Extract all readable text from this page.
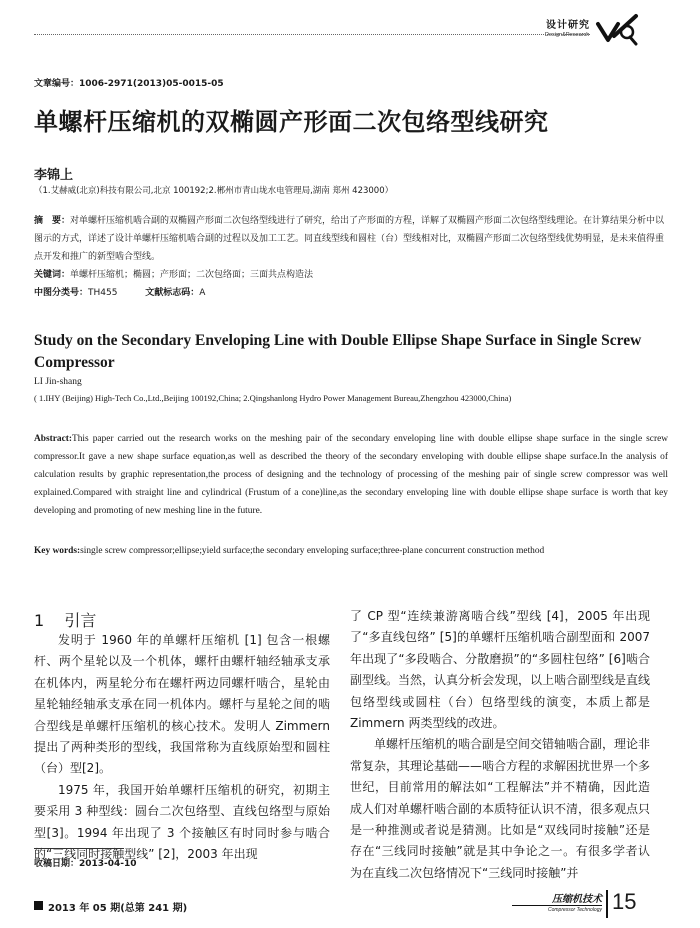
设计研究
Design&Research
文章编号：1006-2971(2013)05-0015-05
单螺杆压缩机的双椭圆产形面二次包络型线研究
李锦上
（1.艾赫威(北京)科技有限公司,北京 100192;2.郴州市青山垅水电管理局,湖南 郑州 423000）
摘　要：对单螺杆压缩机啮合副的双椭圆产形面二次包络型线进行了研究，给出了产形面的方程，详解了双椭圆产形面二次包络型线理论。在计算结果分析中以图示的方式，详述了设计单螺杆压缩机啮合副的过程以及加工工艺。同直线型线和圆柱（台）型线相对比，双椭圆产形面二次包络型线优势明显，是未来值得重点开发和推广的新型啮合型线。
关键词：单螺杆压缩机；椭圆；产形面；二次包络面；三面共点构造法
中图分类号：TH455	文献标志码：A
Study on the Secondary Enveloping Line with Double Ellipse Shape Surface in Single Screw Compressor
LI Jin-shang
( 1.IHY (Beijing) High-Tech Co.,Ltd.,Beijing 100192,China; 2.Qingshanlong Hydro Power Management Bureau,Zhengzhou 423000,China)
Abstract:This paper carried out the research works on the meshing pair of the secondary enveloping line with double ellipse shape surface in the single screw compressor.It gave a new shape surface equation,as well as described the theory of the secondary enveloping with double ellipse shape surface.In the analysis of calculation results by graphic representation,the process of designing and the technology of processing of the meshing pair of single screw compressor was well explained.Compared with straight line and cylindrical (Frustum of a cone)line,as the secondary enveloping line with double ellipse shape surface is worth that key developing and promoting of new meshing line in the future.
Key words:single screw compressor;ellipse;yield surface;the secondary enveloping surface;three-plane concurrent construction method
1 引言

发明于 1960 年的单螺杆压缩机 [1] 包含一根螺杆、两个星轮以及一个机体，螺杆由螺杆轴经轴承支承在机体内，两星轮分布在螺杆两边同螺杆啮合，星轮由星轮轴经轴承支承在同一机体内。螺杆与星轮之间的啮合型线是单螺杆压缩机的核心技术。发明人 Zimmern 提出了两种类形的型线，我国常称为直线原始型和圆柱（台）型[2]。

1975 年，我国开始单螺杆压缩机的研究，初期主要采用 3 种型线：圆台二次包络型、直线包络型与原始型[3]。1994 年出现了 3 个接触区有时同时参与啮合的“三线同时接触型线” [2]，2003 年出现

了 CP 型“连续兼游离啮合线”型线 [4]，2005 年出现了“多直线包络” [5]的单螺杆压缩机啮合副型面和 2007 年出现了“多段啮合、分散磨损”的“多圆柱包络” [6]啮合副型线。当然，认真分析会发现，以上啮合副型线是直线包络型线或圆柱（台）包络型线的演变，本质上都是 Zimmern 两类型线的改进。

单螺杆压缩机的啮合副是空间交错轴啮合副，理论非常复杂，其理论基础——啮合方程的求解困扰世界一个多世纪，目前常用的解法如“工程解法”并不精确，因此造成人们对单螺杆啮合副的本质特征认识不清，很多观点只是一种推测或者说是猜测。比如是“双线同时接触”还是存在“三线同时接触”就是其中争论之一。有很多学者认为在直线二次包络情况下“三线同时接触”并

收稿日期：2013-04-10
2013 年 05 期(总第 241 期)
压缩机技术
Compressor Technology 15
